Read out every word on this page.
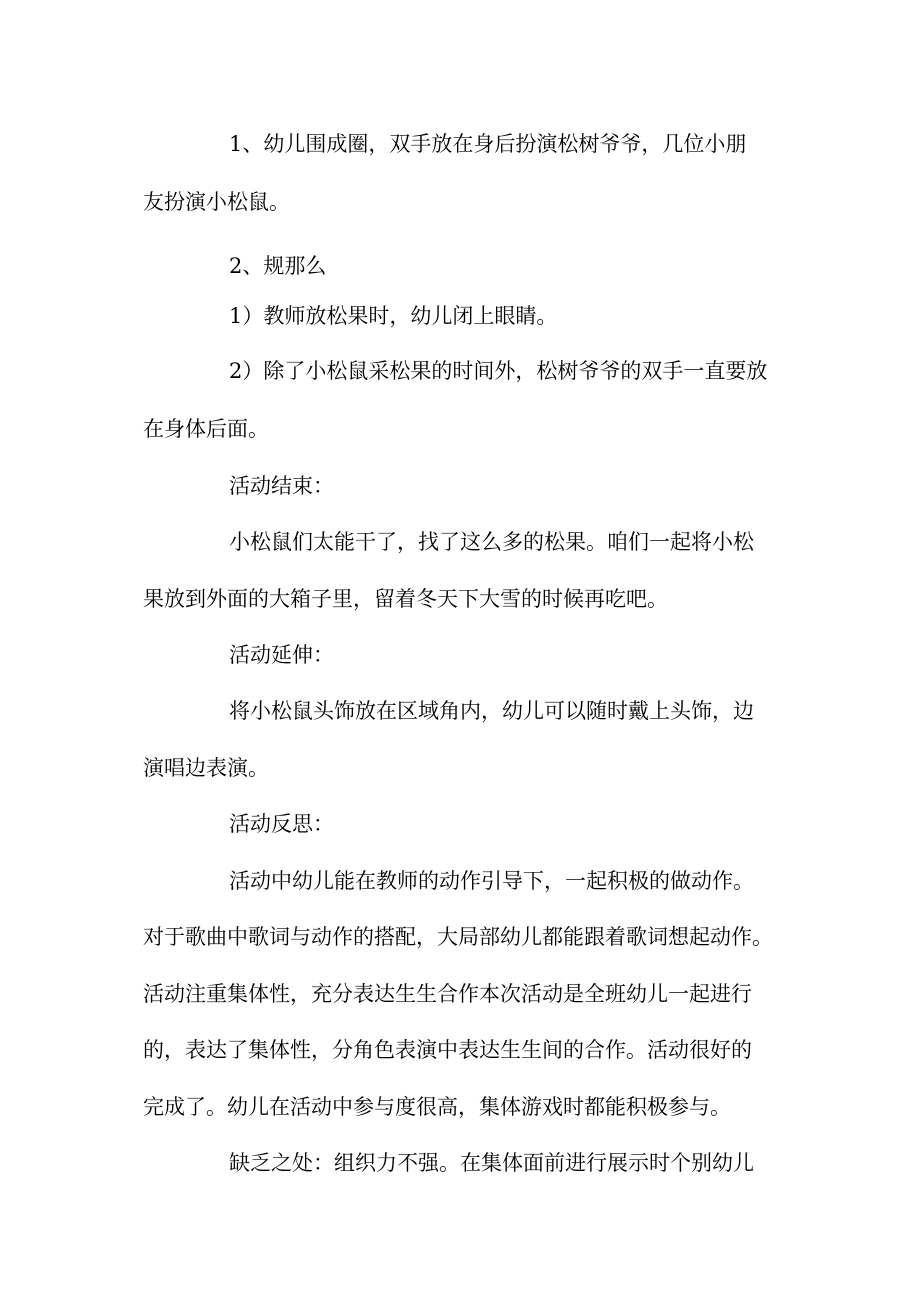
1、幼儿围成圈，双手放在身后扮演松树爷爷，几位小朋

友扮演小松鼠。

2、规那么

1）教师放松果时，幼儿闭上眼睛。

2）除了小松鼠采松果的时间外，松树爷爷的双手一直要放

在身体后面。

活动结束：

小松鼠们太能干了，找了这么多的松果。咱们一起将小松

果放到外面的大箱子里，留着冬天下大雪的时候再吃吧。

活动延伸：

将小松鼠头饰放在区域角内，幼儿可以随时戴上头饰，边

演唱边表演。

活动反思：

活动中幼儿能在教师的动作引导下，一起积极的做动作。

对于歌曲中歌词与动作的搭配，大局部幼儿都能跟着歌词想起动作。

活动注重集体性，充分表达生生合作本次活动是全班幼儿一起进行

的，表达了集体性，分角色表演中表达生生间的合作。活动很好的

完成了。幼儿在活动中参与度很高，集体游戏时都能积极参与。

缺乏之处：组织力不强。在集体面前进行展示时个别幼儿
